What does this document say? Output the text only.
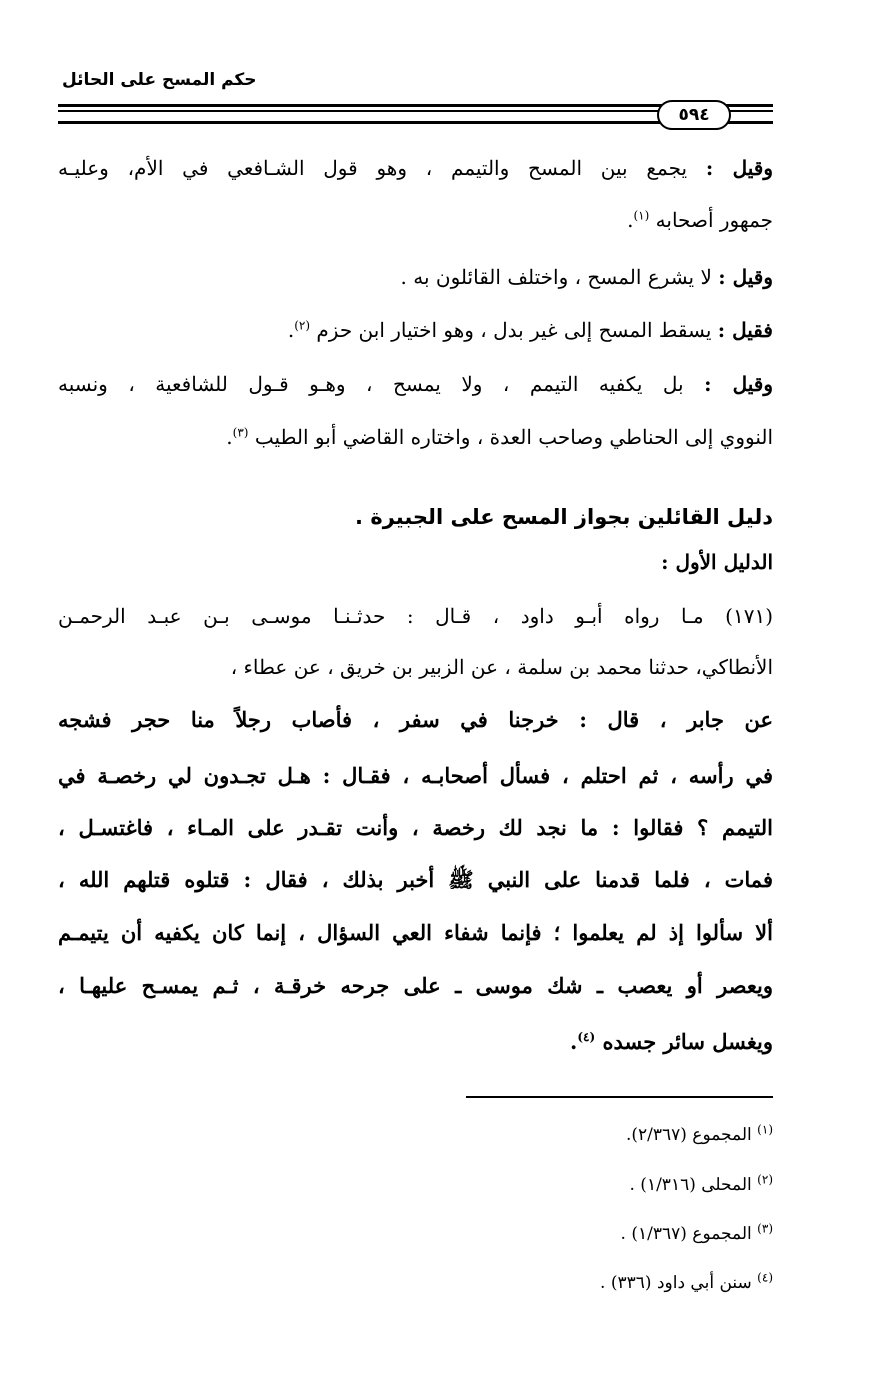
حكم المسح على الحائل
٥٩٤
وقيل : يجمع بين المسح والتيمم ، وهو قول الشـافعي في الأم، وعليـه
جمهور أصحابه $^{(١)}$.
وقيل : لا يشرع المسح ، واختلف القائلون به .
فقيل : يسقط المسح إلى غير بدل ، وهو اختيار ابن حزم $^{(٢)}$.
وقيل : بل يكفيه التيمم ، ولا يمسح ، وهـو قـول للشافعية ، ونسبه
النووي إلى الحناطي وصاحب العدة ، واختاره القاضي أبو الطيب $^{(٣)}$.
دليل القائلين بجواز المسح على الجبيرة .
الدليل الأول :
(١٧١) مـا رواه أبـو داود ، قـال : حدثـنـا موسـى بـن عبـد الرحمـن
الأنطاكي، حدثنا محمد بن سلمة ، عن الزبير بن خريق ، عن عطاء ،
عن جابر ، قال : خرجنا في سفر ، فأصاب رجلاً منا حجر فشجه
في رأسه ، ثم احتلم ، فسأل أصحابـه ، فقـال : هـل تجـدون لي رخصـة في
التيمم ؟ فقالوا : ما نجد لك رخصة ، وأنت تقـدر على المـاء ، فاغتسـل ،
فمات ، فلما قدمنا على النبي ﷺ أخبر بذلك ، فقال : قتلوه قتلهم الله ،
ألا سألوا إذ لم يعلموا ؛ فإنما شفاء العي السؤال ، إنما كان يكفيه أن يتيمـم
ويعصر أو يعصب ـ شك موسى ـ على جرحه خرقـة ، ثـم يمسـح عليهـا ،
ويغسل سائر جسده $^{(٤)}$.
$^{(١)}$ المجموع (٢/٣٦٧).
$^{(٢)}$ المحلى (١/٣١٦) .
$^{(٣)}$ المجموع (١/٣٦٧) .
$^{(٤)}$ سنن أبي داود (٣٣٦) .
